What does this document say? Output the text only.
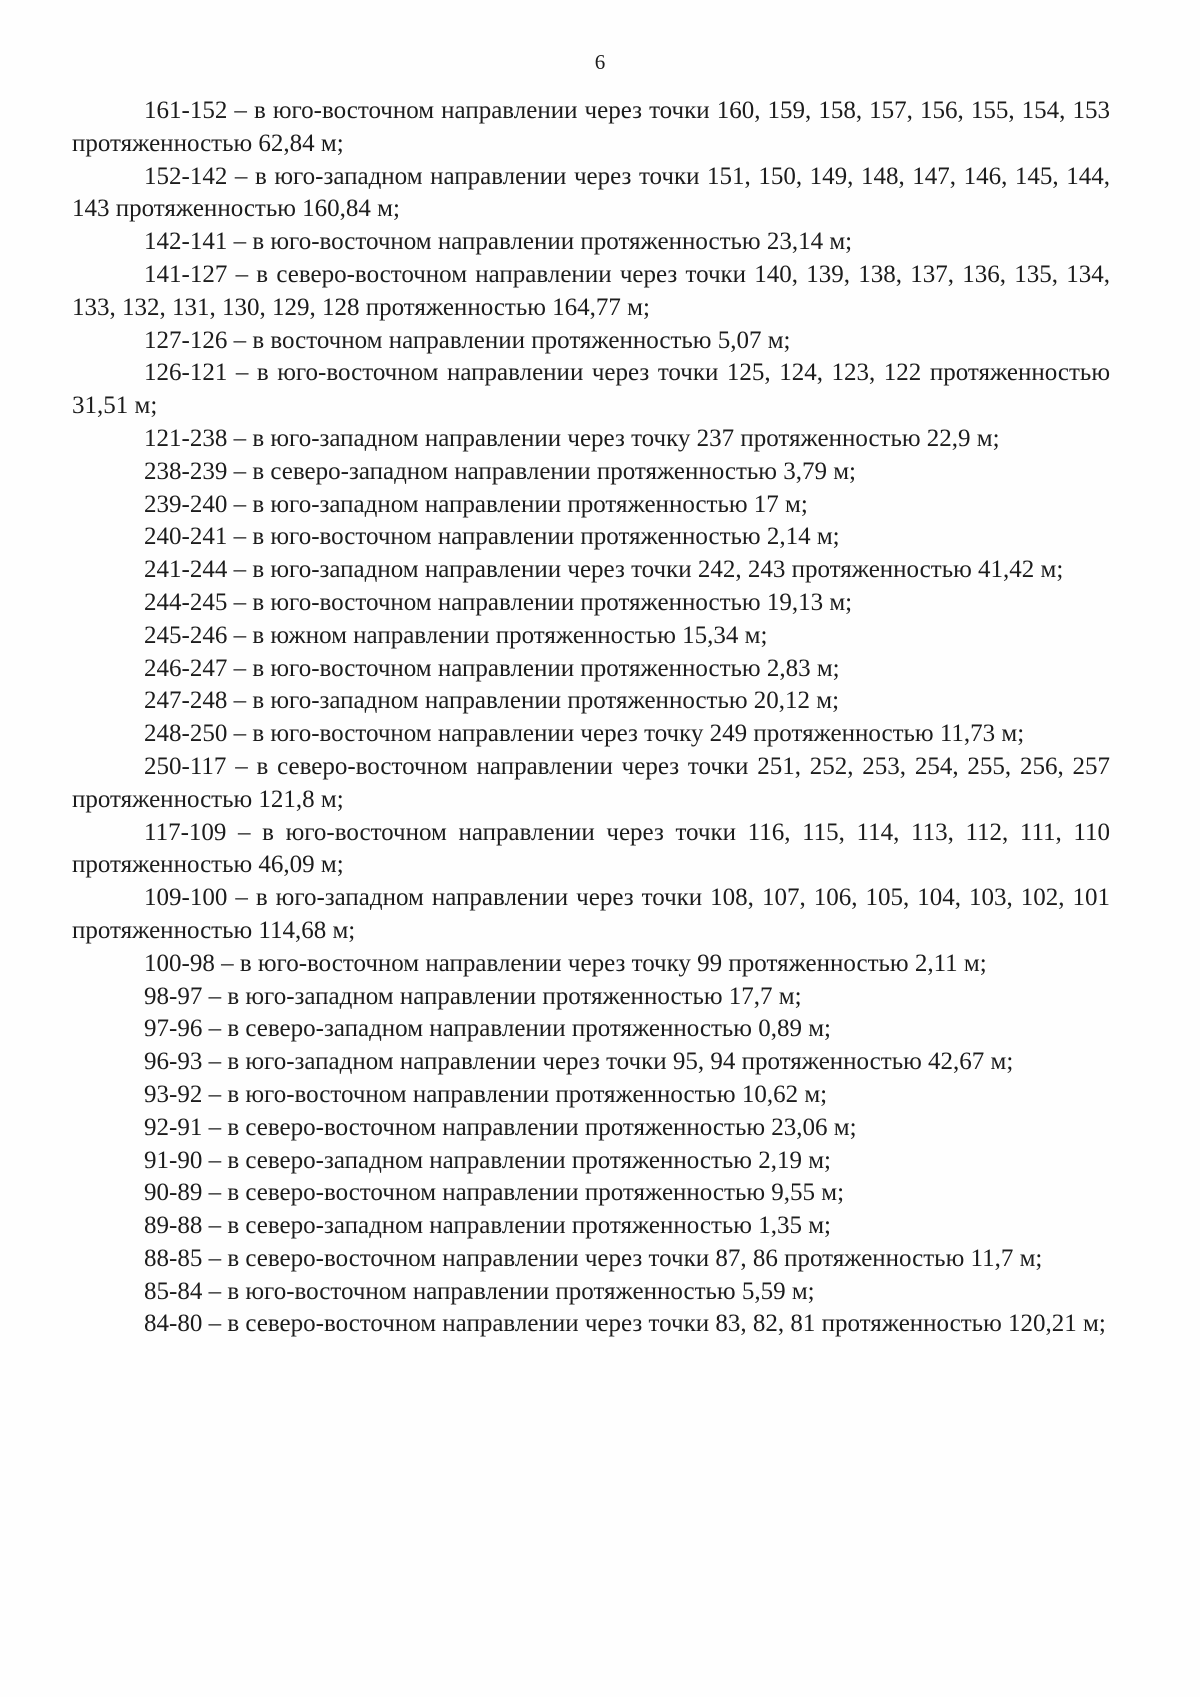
6

161-152 – в юго-восточном направлении через точки 160, 159, 158, 157, 156, 155, 154, 153 протяженностью 62,84 м;

152-142 – в юго-западном направлении через точки 151, 150, 149, 148, 147, 146, 145, 144, 143 протяженностью 160,84 м;

142-141 – в юго-восточном направлении протяженностью 23,14 м;

141-127 – в северо-восточном направлении через точки 140, 139, 138, 137, 136, 135, 134, 133, 132, 131, 130, 129, 128 протяженностью 164,77 м;

127-126 – в восточном направлении протяженностью 5,07 м;

126-121 – в юго-восточном направлении через точки 125, 124, 123, 122 протяженностью 31,51 м;

121-238 – в юго-западном направлении через точку 237 протяженностью 22,9 м;

238-239 – в северо-западном направлении протяженностью 3,79 м;

239-240 – в юго-западном направлении протяженностью 17 м;

240-241 – в юго-восточном направлении протяженностью 2,14 м;

241-244 – в юго-западном направлении через точки 242, 243 протяженностью 41,42 м;

244-245 – в юго-восточном направлении протяженностью 19,13 м;

245-246 – в южном направлении протяженностью 15,34 м;

246-247 – в юго-восточном направлении протяженностью 2,83 м;

247-248 – в юго-западном направлении протяженностью 20,12 м;

248-250 – в юго-восточном направлении через точку 249 протяженностью 11,73 м;

250-117 – в северо-восточном направлении через точки 251, 252, 253, 254, 255, 256, 257 протяженностью 121,8 м;

117-109 – в юго-восточном направлении через точки 116, 115, 114, 113, 112, 111, 110 протяженностью 46,09 м;

109-100 – в юго-западном направлении через точки 108, 107, 106, 105, 104, 103, 102, 101 протяженностью 114,68 м;

100-98 – в юго-восточном направлении через точку 99 протяженностью 2,11 м;

98-97 – в юго-западном направлении протяженностью 17,7 м;

97-96 – в северо-западном направлении протяженностью 0,89 м;

96-93 – в юго-западном направлении через точки 95, 94 протяженностью 42,67 м;

93-92 – в юго-восточном направлении протяженностью 10,62 м;

92-91 – в северо-восточном направлении протяженностью 23,06 м;

91-90 – в северо-западном направлении протяженностью 2,19 м;

90-89 – в северо-восточном направлении протяженностью 9,55 м;

89-88 – в северо-западном направлении протяженностью 1,35 м;

88-85 – в северо-восточном направлении через точки 87, 86 протяженностью 11,7 м;

85-84 – в юго-восточном направлении протяженностью 5,59 м;

84-80 – в северо-восточном направлении через точки 83, 82, 81 протяженностью 120,21 м;
